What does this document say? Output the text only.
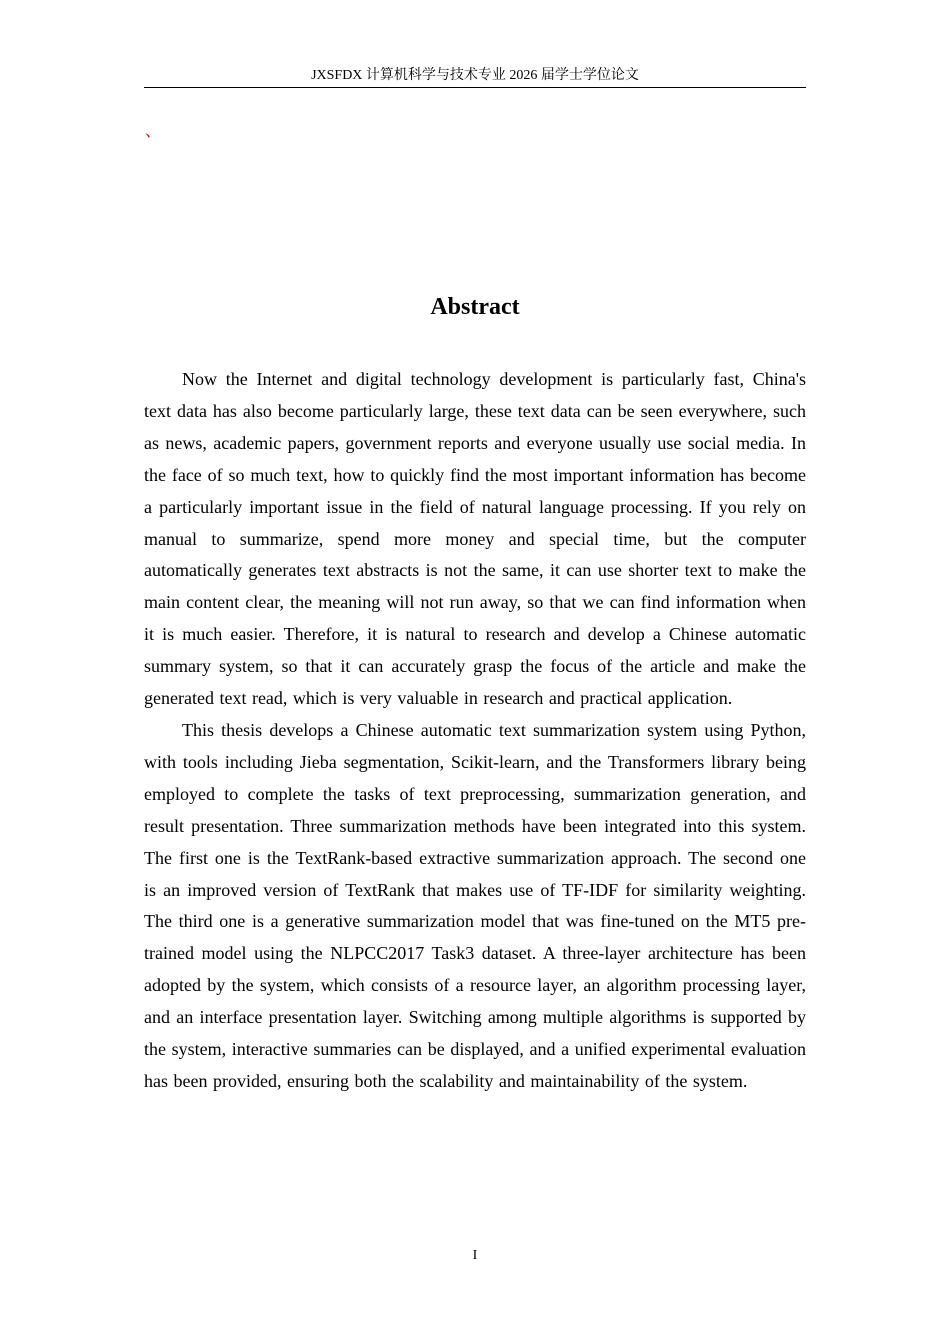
JXSFDX 计算机科学与技术专业 2026 届学士学位论文
、
Abstract

Now the Internet and digital technology development is particularly fast, China's text data has also become particularly large, these text data can be seen everywhere, such as news, academic papers, government reports and everyone usually use social media. In the face of so much text, how to quickly find the most important information has become a particularly important issue in the field of natural language processing. If you rely on manual to summarize, spend more money and special time, but the computer automatically generates text abstracts is not the same, it can use shorter text to make the main content clear, the meaning will not run away, so that we can find information when it is much easier. Therefore, it is natural to research and develop a Chinese automatic summary system, so that it can accurately grasp the focus of the article and make the generated text read, which is very valuable in research and practical application.

This thesis develops a Chinese automatic text summarization system using Python, with tools including Jieba segmentation, Scikit-learn, and the Transformers library being employed to complete the tasks of text preprocessing, summarization generation, and result presentation. Three summarization methods have been integrated into this system. The first one is the TextRank-based extractive summarization approach. The second one is an improved version of TextRank that makes use of TF-IDF for similarity weighting. The third one is a generative summarization model that was fine-tuned on the MT5 pre-trained model using the NLPCC2017 Task3 dataset. A three-layer architecture has been adopted by the system, which consists of a resource layer, an algorithm processing layer, and an interface presentation layer. Switching among multiple algorithms is supported by the system, interactive summaries can be displayed, and a unified experimental evaluation has been provided, ensuring both the scalability and maintainability of the system.

I
